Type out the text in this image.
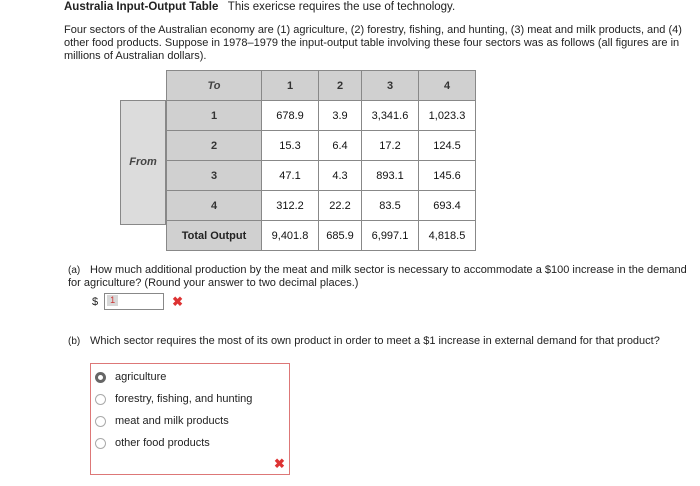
Australia Input-Output Table This exericse requires the use of technology.
Four sectors of the Australian economy are (1) agriculture, (2) forestry, fishing, and hunting, (3) meat and milk products, and (4) other food products. Suppose in 1978–1979 the input-output table involving these four sectors was as follows (all figures are in millions of Australian dollars).
From
To	1	2	3	4
1	678.9	3.9	3,341.6	1,023.3
2	15.3	6.4	17.2	124.5
3	47.1	4.3	893.1	145.6
4	312.2	22.2	83.5	693.4
Total Output	9,401.8	685.9	6,997.1	4,818.5
(a) How much additional production by the meat and milk sector is necessary to accommodate a $100 increase in the demand for agriculture? (Round your answer to two decimal places.)
$	1	✖
(b) Which sector requires the most of its own product in order to meet a $1 increase in external demand for that product?
agriculture
forestry, fishing, and hunting
meat and milk products
other food products
✖
